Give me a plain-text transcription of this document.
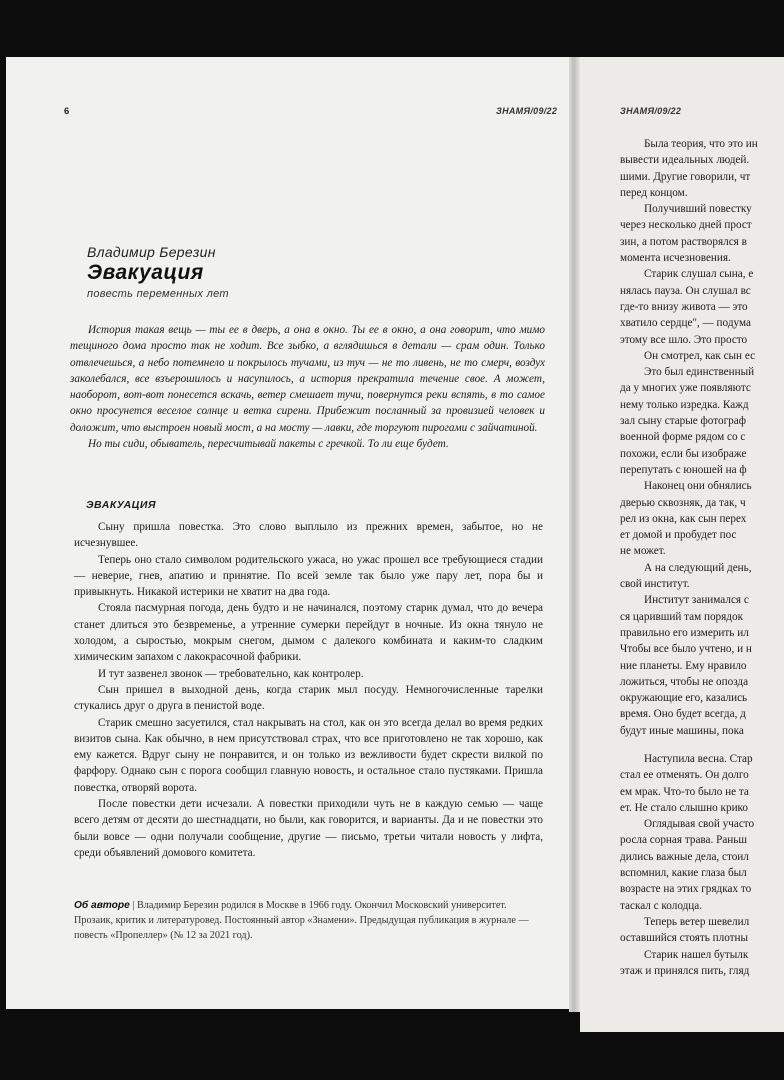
6	ЗНАМЯ/09/22	ЗНАМЯ/09/22
Владимир Березин
Эвакуация
повесть переменных лет

История такая вещь — ты ее в дверь, а она в окно. Ты ее в окно, а она говорит, что мимо тещиного дома просто так не ходит. Все зыбко, а вглядишься в детали — срам один. Только отвлечешься, а небо потемнело и покрылось тучами, из туч — не то ливень, не то смерч, воздух заколебался, все взъерошилось и насупилось, а история прекратила течение свое. А может, наоборот, вот-вот понесется вскачь, ветер смешает тучи, повернутся реки вспять, в то самое окно просунется веселое солнце и ветка сирени. Прибежит посланный за провизией человек и доложит, что выстроен новый мост, а на мосту — лавки, где торгуют пирогами с зайчатиной.

Но ты сиди, обыватель, пересчитывай пакеты с гречкой. То ли еще будет.

ЭВАКУАЦИЯ

Сыну пришла повестка. Это слово выплыло из прежних времен, забытое, но не исчезнувшее.

Теперь оно стало символом родительского ужаса, но ужас прошел все требующиеся стадии — неверие, гнев, апатию и принятие. По всей земле так было уже пару лет, пора бы и привыкнуть. Никакой истерики не хватит на два года.

Стояла пасмурная погода, день будто и не начинался, поэтому старик думал, что до вечера станет длиться это безвременье, а утренние сумерки перейдут в ночные. Из окна тянуло не холодом, а сыростью, мокрым снегом, дымом с далекого комбината и каким-то сладким химическим запахом с лакокрасочной фабрики.

И тут зазвенел звонок — требовательно, как контролер.

Сын пришел в выходной день, когда старик мыл посуду. Немногочисленные тарелки стукались друг о друга в пенистой воде.

Старик смешно засуетился, стал накрывать на стол, как он это всегда делал во время редких визитов сына. Как обычно, в нем присутствовал страх, что все приготовлено не так хорошо, как ему кажется. Вдруг сыну не понравится, и он только из вежливости будет скрести вилкой по фарфору. Однако сын с порога сообщил главную новость, и остальное стало пустяками. Пришла повестка, отворяй ворота.

После повестки дети исчезали. А повестки приходили чуть не в каждую семью — чаще всего детям от десяти до шестнадцати, но были, как говорится, и варианты. Да и не повестки это были вовсе — одни получали сообщение, другие — письмо, третьи читали новость у лифта, среди объявлений домового комитета.

Об авторе | Владимир Березин родился в Москве в 1966 году. Окончил Московский университет. Прозаик, критик и литературовед. Постоянный автор «Знамени». Предыдущая публикация в журнале — повесть «Пропеллер» (№ 12 за 2021 год).
Была теория, что это ин
вывести идеальных людей.
шими. Другие говорили, чт
перед концом.
Получивший повестку
через несколько дней прост
зин, а потом растворялся в
момента исчезновения.
Старик слушал сына, е
нялась пауза. Он слушал вс
где-то внизу живота — это
хватило сердце", — подума
этому все шло. Это просто
Он смотрел, как сын ес
Это был единственный
да у многих уже появляютс
нему только изредка. Кажд
зал сыну старые фотограф
военной форме рядом со с
похожи, если бы изображе
перепутать с юношей на ф
Наконец они обнялись
дверью сквозняк, да так, ч
рел из окна, как сын перех
ет домой и пробудет пос
не может.
А на следующий день,
свой институт.
Институт занимался с
ся царивший там порядок
правильно его измерить ил
Чтобы все было учтено, и н
ние планеты. Ему нравило
ложиться, чтобы не опозда
окружающие его, казались
время. Оно будет всегда, д
будут иные машины, пока
Наступила весна. Стар
стал ее отменять. Он долго
ем мрак. Что-то было не та
ет. Не стало слышно крико
Оглядывая свой участо
росла сорная трава. Раньш
дились важные дела, стоил
вспомнил, какие глаза был
возрасте на этих грядках то
таскал с колодца.
Теперь ветер шевелил
оставшийся стоять плотны
Старик нашел бутылк
этаж и принялся пить, гляд
